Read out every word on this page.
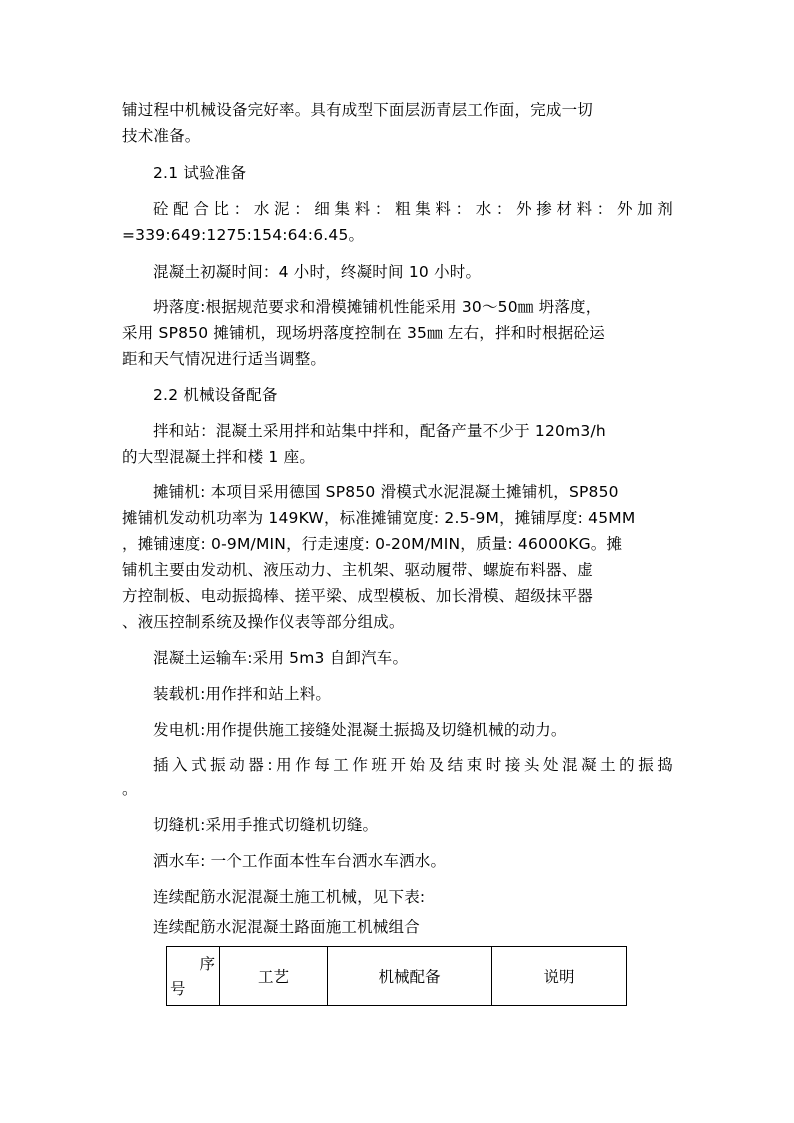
铺过程中机械设备完好率。具有成型下面层沥青层工作面，完成一切
技术准备。
2.1 试验准备
砼配合比：水泥：细集料：粗集料：水：外掺材料：外加剂
=339:649:1275:154:64:6.45。
混凝土初凝时间：4 小时，终凝时间 10 小时。
坍落度:根据规范要求和滑模摊铺机性能采用 30～50㎜ 坍落度，
采用 SP850 摊铺机，现场坍落度控制在 35㎜ 左右，拌和时根据砼运
距和天气情况进行适当调整。
2.2 机械设备配备
拌和站：混凝土采用拌和站集中拌和，配备产量不少于 120m3/h
的大型混凝土拌和楼 1 座。
摊铺机: 本项目采用德国 SP850 滑模式水泥混凝土摊铺机，SP850
摊铺机发动机功率为 149KW，标准摊铺宽度: 2.5-9M，摊铺厚度: 45MM
，摊铺速度: 0-9M/MIN，行走速度: 0-20M/MIN，质量: 46000KG。摊
铺机主要由发动机、液压动力、主机架、驱动履带、螺旋布料器、虚
方控制板、电动振捣棒、搓平梁、成型模板、加长滑模、超级抹平器
、液压控制系统及操作仪表等部分组成。
混凝土运输车:采用 5m3 自卸汽车。
装载机:用作拌和站上料。
发电机:用作提供施工接缝处混凝土振捣及切缝机械的动力。
插入式振动器:用作每工作班开始及结束时接头处混凝土的振捣
。
切缝机:采用手推式切缝机切缝。
洒水车: 一个工作面本性车台洒水车洒水。
连续配筋水泥混凝土施工机械，见下表:
连续配筋水泥混凝土路面施工机械组合
序
号
	工艺	机械配备	说明
